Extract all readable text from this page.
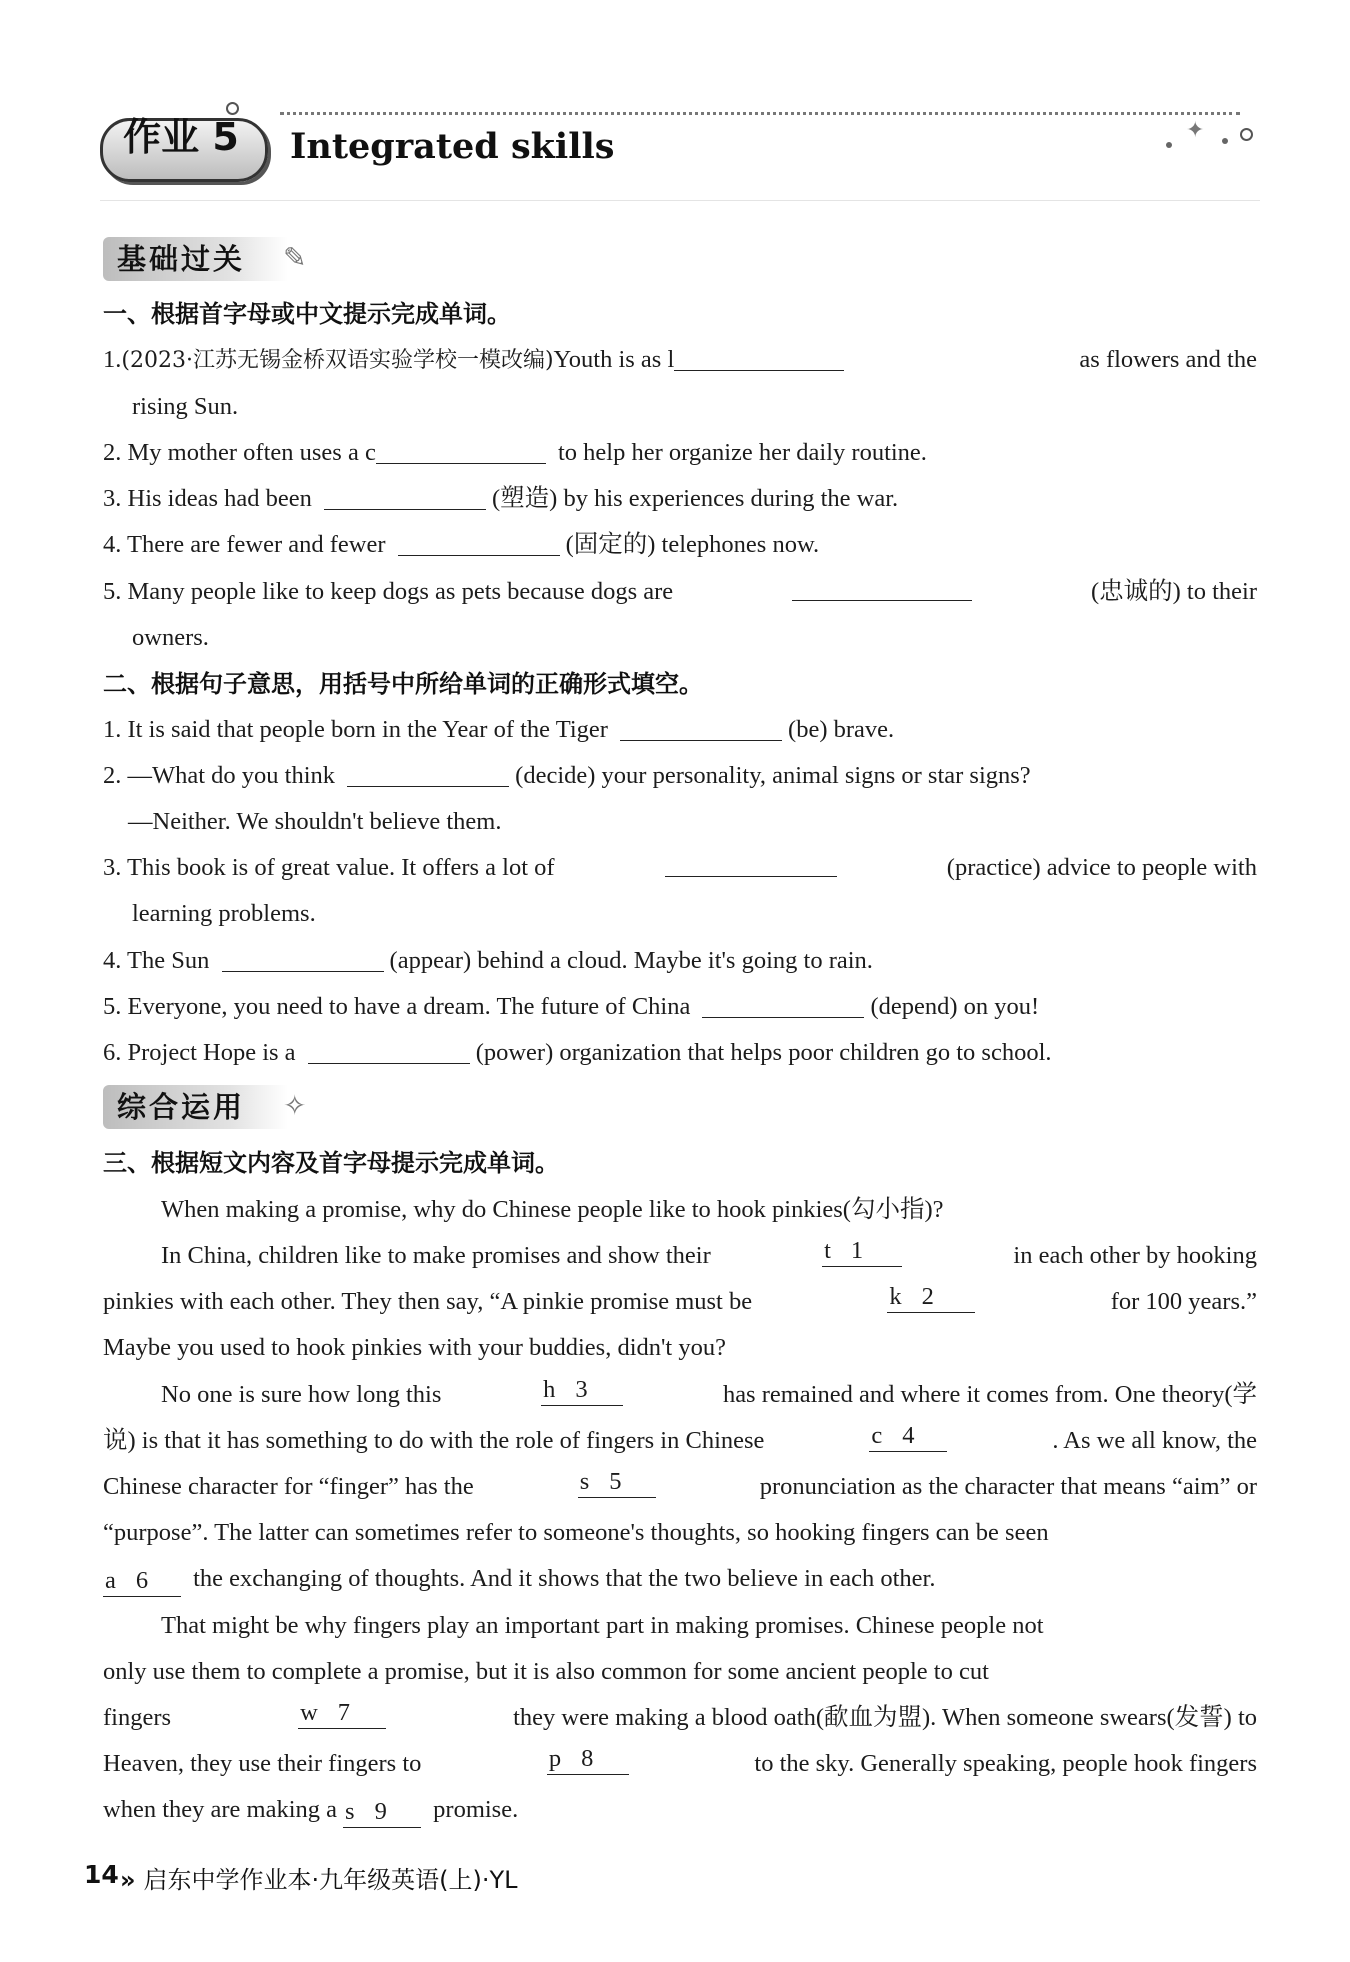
作业 5	✦
Integrated skills
基础过关 ✎
一、根据首字母或中文提示完成单词。
1.(2023·江苏无锡金桥双语实验学校一模改编)Youth is as l	as flowers and the
rising Sun.
2. My mother often uses a c	to help her organize her daily routine.
3. His ideas had been	(塑造) by his experiences during the war.
4. There are fewer and fewer	(固定的) telephones now.
5. Many people like to keep dogs as pets because dogs are	(忠诚的) to their
owners.
二、根据句子意思，用括号中所给单词的正确形式填空。
1. It is said that people born in the Year of the Tiger	(be) brave.
2. —What do you think	(decide) your personality, animal signs or star signs?
—Neither. We shouldn't believe them.
3. This book is of great value. It offers a lot of	(practice) advice to people with
learning problems.
4. The Sun	(appear) behind a cloud. Maybe it's going to rain.
5. Everyone, you need to have a dream. The future of China	(depend) on you!
6. Project Hope is a	(power) organization that helps poor children go to school.
综合运用 ✧
三、根据短文内容及首字母提示完成单词。
When making a promise, why do Chinese people like to hook pinkies(勾小指)?
In China, children like to make promises and show their	t 1	in each other by hooking
pinkies with each other. They then say, “A pinkie promise must be	k 2	for 100 years.”
Maybe you used to hook pinkies with your buddies, didn't you?
No one is sure how long this	h 3	has remained and where it comes from. One theory(学
说) is that it has something to do with the role of fingers in Chinese	c 4	. As we all know, the
Chinese character for “finger” has the	s 5	pronunciation as the character that means “aim” or
“purpose”. The latter can sometimes refer to someone's thoughts, so hooking fingers can be seen
a 6 the exchanging of thoughts. And it shows that the two believe in each other.
That might be why fingers play an important part in making promises. Chinese people not
only use them to complete a promise, but it is also common for some ancient people to cut
fingers	w 7	they were making a blood oath(歃血为盟). When someone swears(发誓) to
Heaven, they use their fingers to	p 8	to the sky. Generally speaking, people hook fingers
when they are making a s 9 promise.
14 » 启东中学作业本·九年级英语(上)·YL
